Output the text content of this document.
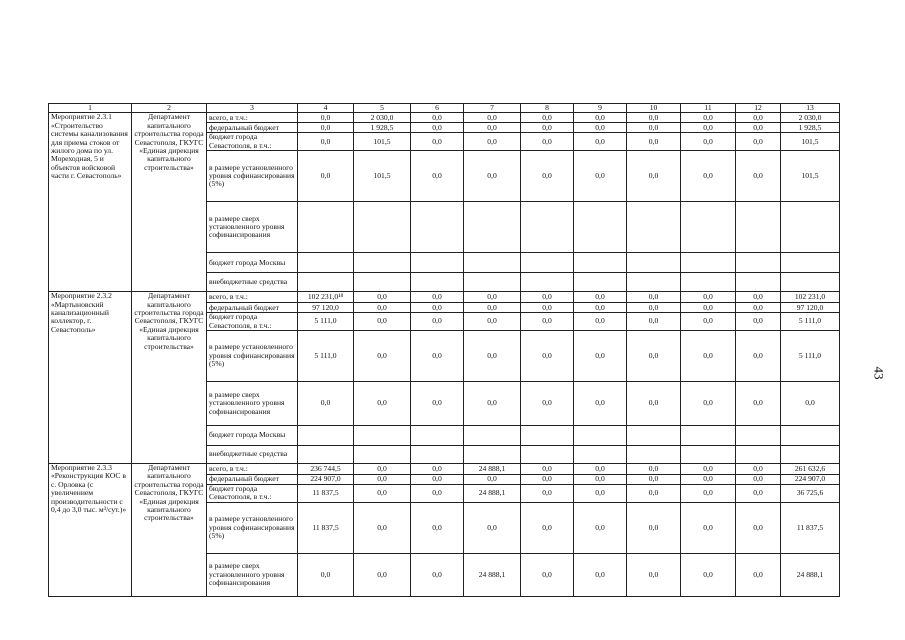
1	2	3	4	5	6	7	8	9	10	11	12	13
Мероприятие 2.3.1 «Строительство системы канализования для приема стоков от жилого дома по ул. Мореходная, 5 и объектов войсковой части г. Севастополь»	Департамент капитального строительства города Севастополя, ГКУГС «Единая дирекция капитального строительства»	всего, в т.ч.:	0,0	2 030,0	0,0	0,0	0,0	0,0	0,0	0,0	0,0	2 030,0
		федеральный бюджет	0,0	1 928,5	0,0	0,0	0,0	0,0	0,0	0,0	0,0	1 928,5
		бюджет города Севастополя, в т.ч.:	0,0	101,5	0,0	0,0	0,0	0,0	0,0	0,0	0,0	101,5
		в размере установленного уровня софинансирования (5%)	0,0	101,5	0,0	0,0	0,0	0,0	0,0	0,0	0,0	101,5
		в размере сверх установленного уровня софинансирования										
		бюджет города Москвы										
		внебюджетные средства										
Мероприятие 2.3.2 «Мартыновский канализационный коллектор, г. Севастополь»	Департамент капитального строительства города Севастополя, ГКУГС «Единая дирекция капитального строительства»	всего, в т.ч.:	102 231,0¹⁸	0,0	0,0	0,0	0,0	0,0	0,0	0,0	0,0	102 231,0
		федеральный бюджет	97 120,0	0,0	0,0	0,0	0,0	0,0	0,0	0,0	0,0	97 120,0
		бюджет города Севастополя, в т.ч.:	5 111,0	0,0	0,0	0,0	0,0	0,0	0,0	0,0	0,0	5 111,0
		в размере установленного уровня софинансирования (5%)	5 111,0	0,0	0,0	0,0	0,0	0,0	0,0	0,0	0,0	5 111,0
		в размере сверх установленного уровня софинансирования	0,0	0,0	0,0	0,0	0,0	0,0	0,0	0,0	0,0	0,0
		бюджет города Москвы										
		внебюджетные средства										
Мероприятие 2.3.3 «Реконструкция КОС в с. Орловка (с увеличением производительности с 0,4 до 3,0 тыс. м³/сут.)»	Департамент капитального строительства города Севастополя, ГКУГС «Единая дирекция капитального строительства»	всего, в т.ч.:	236 744,5	0,0	0,0	24 888,1	0,0	0,0	0,0	0,0	0,0	261 632,6
		федеральный бюджет	224 907,0	0,0	0,0	0,0	0,0	0,0	0,0	0,0	0,0	224 907,0
		бюджет города Севастополя, в т.ч.:	11 837,5	0,0	0,0	24 888,1	0,0	0,0	0,0	0,0	0,0	36 725,6
		в размере установленного уровня софинансирования (5%)	11 837,5	0,0	0,0	0,0	0,0	0,0	0,0	0,0	0,0	11 837,5
		в размере сверх установленного уровня софинансирования	0,0	0,0	0,0	24 888,1	0,0	0,0	0,0	0,0	0,0	24 888,1
43
